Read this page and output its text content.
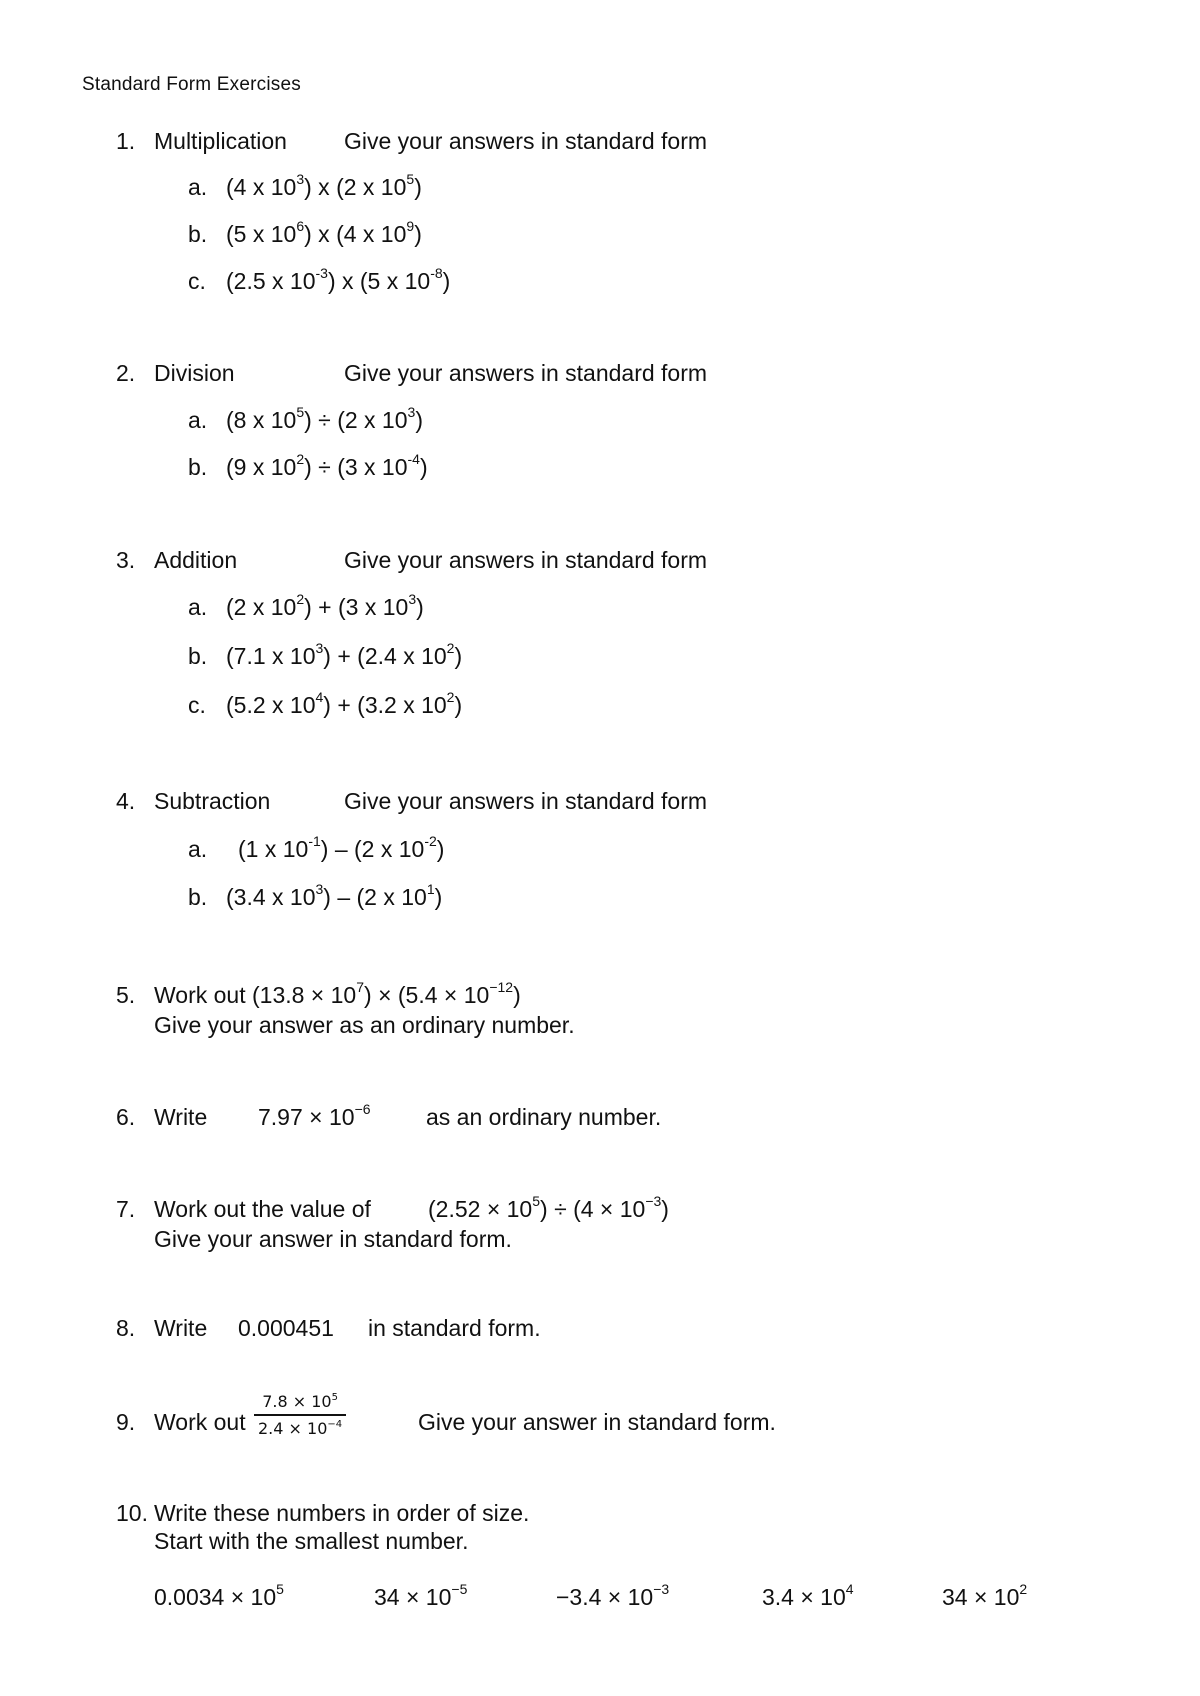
Standard Form Exercises
1. Multiplication Give your answers in standard form
a. (4 x $10^3$) x (2 x $10^5$)
b. (5 x $10^6$) x (4 x $10^9$)
c. (2.5 x $10^{-3}$) x (5 x $10^{-8}$)
2. Division	Give your answers in standard form
a. (8 x $10^5) \div (2$ x $10^3$)
b. (9 x $10^2) \div (3$ x $10^{-4}$)
3. Addition	Give your answers in standard form
a. (2 x $10^2) + (3$ x $10^3$)
b. (7.1 x $10^3) + (2.4$ x $10^2$)
c. (5.2 x $10^4) + (3.2$ x $10^2$)
4. Subtraction	Give your answers in standard form
a. (1 x $10^{-1}) - (2$ x $10^{-2}$)
b. (3.4 x $10^3) - (2$ x $10^1$)
5. Work out $(13.8 \times 10^7) \times (5.4 \times 10^{-12})$
Give your answer as an ordinary number.
6. Write $7.97 \times 10^{-6}$ as an ordinary number.
7. Work out the value of
Give your answer in standard form.
$(2.52 \times 10^5) \div (4 \times 10^{-3})$
8. Write 0.000451 in standard form.
9. Work out $\frac{7.8 \times 10^5}{2.4 \times 10^{-4}}$	Give your answer in standard form.
10. Write these numbers in order of size.
Start with the smallest number.
$0.0034 \times 10^5$	$34 \times 10^{-5}$	$-3.4 \times 10^{-3}$	$3.4 \times 10^4$	$34 \times 10^2$
